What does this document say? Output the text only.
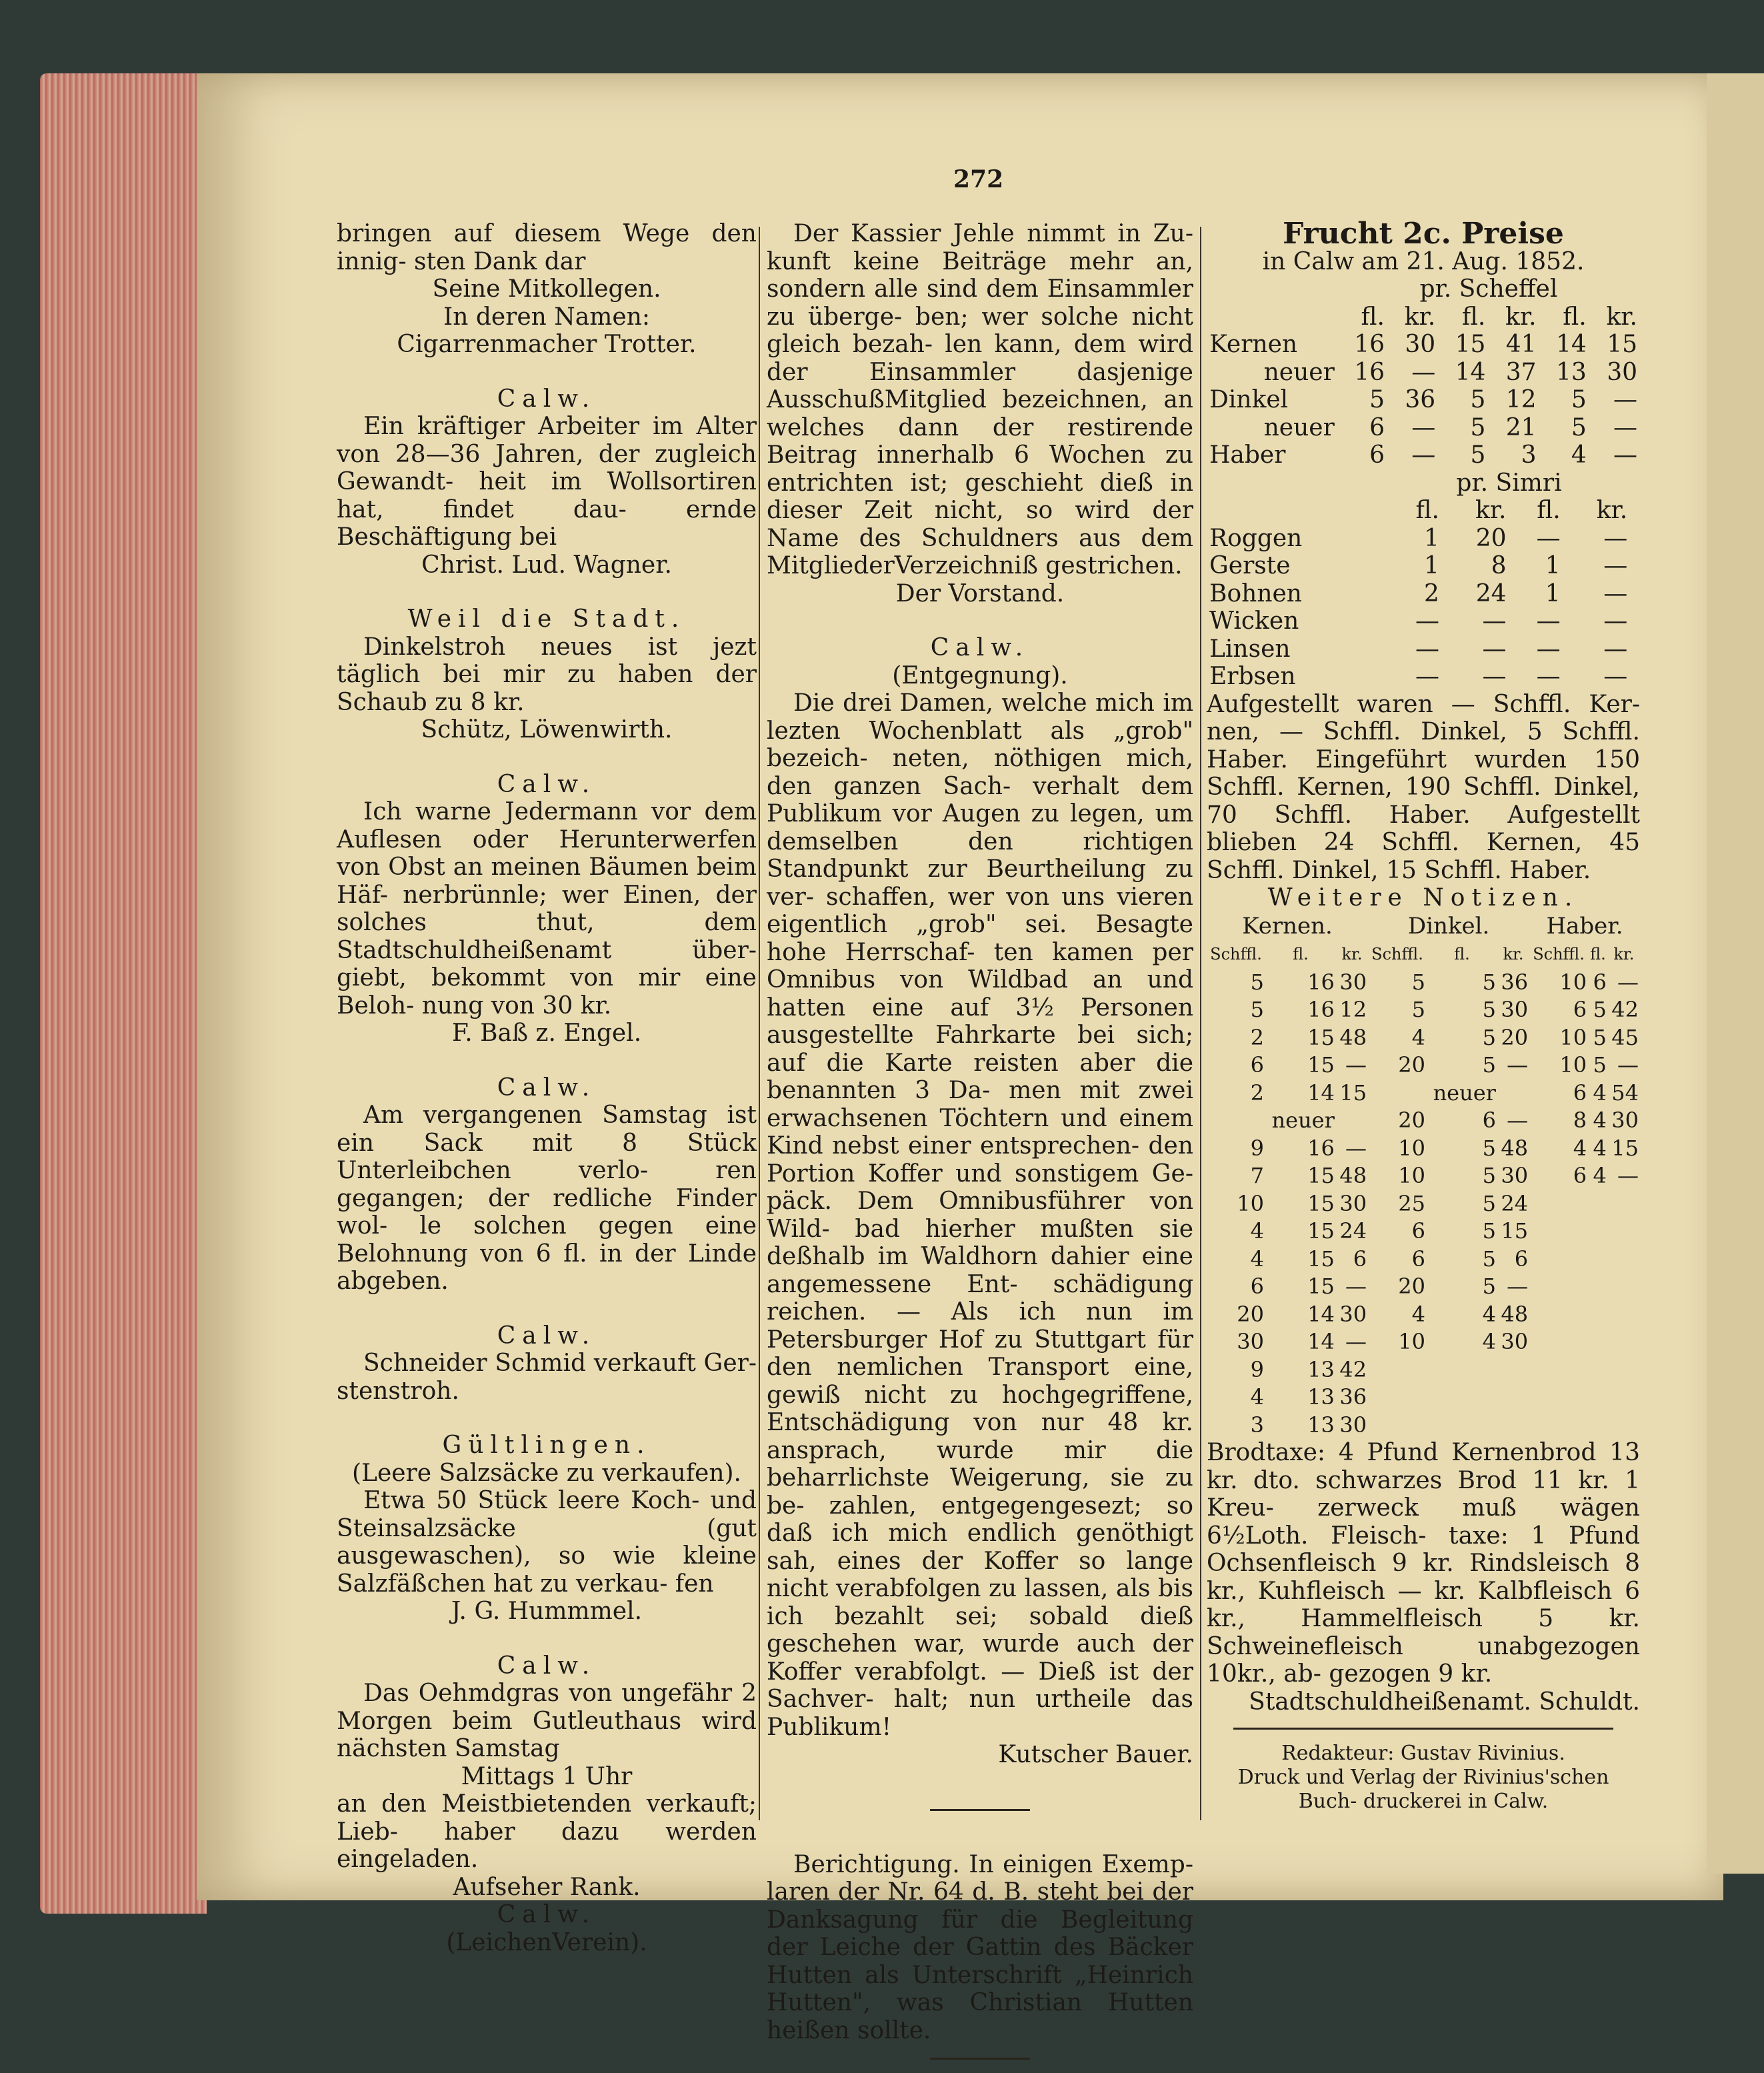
272

bringen auf diesem Wege den innig- sten Dank dar

Seine Mitkollegen.

In deren Namen:

Cigarrenmacher Trotter.

Calw.

Ein kräftiger Arbeiter im Alter von 28—36 Jahren, der zugleich Gewandt- heit im Wollsortiren hat, findet dau- ernde Beschäftigung bei

Christ. Lud. Wagner.

Weil die Stadt.

Dinkelstroh neues ist jezt täglich bei mir zu haben der Schaub zu 8 kr.

Schütz, Löwenwirth.

Calw.

Ich warne Jedermann vor dem Auflesen oder Herunterwerfen von Obst an meinen Bäumen beim Häf- nerbrünnle; wer Einen, der solches thut, dem Stadtschuldheißenamt über- giebt, bekommt von mir eine Beloh- nung von 30 kr.

F. Baß z. Engel.

Calw.

Am vergangenen Samstag ist ein Sack mit 8 Stück Unterleibchen verlo- ren gegangen; der redliche Finder wol- le solchen gegen eine Belohnung von 6 fl. in der Linde abgeben.

Calw.

Schneider Schmid verkauft Ger- stenstroh.

Gültlingen.

(Leere Salzsäcke zu verkaufen).

Etwa 50 Stück leere Koch- und Steinsalzsäcke (gut ausgewaschen), so wie kleine Salzfäßchen hat zu verkau- fen

J. G. Hummmel.

Calw.

Das Oehmdgras von ungefähr 2 Morgen beim Gutleuthaus wird nächsten Samstag

Mittags 1 Uhr

an den Meistbietenden verkauft; Lieb- haber dazu werden eingeladen.

Aufseher Rank.

Calw.

(LeichenVerein).

Der Kassier Jehle nimmt in Zu- kunft keine Beiträge mehr an, sondern alle sind dem Einsammler zu überge- ben; wer solche nicht gleich bezah- len kann, dem wird der Einsammler dasjenige AusschußMitglied bezeichnen, an welches dann der restirende Beitrag innerhalb 6 Wochen zu entrichten ist; geschieht dieß in dieser Zeit nicht, so wird der Name des Schuldners aus dem MitgliederVerzeichniß gestrichen.

Der Vorstand.

Calw.

(Entgegnung).

Die drei Damen, welche mich im lezten Wochenblatt als „grob" bezeich- neten, nöthigen mich, den ganzen Sach- verhalt dem Publikum vor Augen zu legen, um demselben den richtigen Standpunkt zur Beurtheilung zu ver- schaffen, wer von uns vieren eigentlich „grob" sei. Besagte hohe Herrschaf- ten kamen per Omnibus von Wildbad an und hatten eine auf 3½ Personen ausgestellte Fahrkarte bei sich; auf die Karte reisten aber die benannten 3 Da- men mit zwei erwachsenen Töchtern und einem Kind nebst einer entsprechen- den Portion Koffer und sonstigem Ge- päck. Dem Omnibusführer von Wild- bad hierher mußten sie deßhalb im Waldhorn dahier eine angemessene Ent- schädigung reichen. — Als ich nun im Petersburger Hof zu Stuttgart für den nemlichen Transport eine, gewiß nicht zu hochgegriffene, Entschädigung von nur 48 kr. ansprach, wurde mir die beharrlichste Weigerung, sie zu be- zahlen, entgegengesezt; so daß ich mich endlich genöthigt sah, eines der Koffer so lange nicht verabfolgen zu lassen, als bis ich bezahlt sei; sobald dieß geschehen war, wurde auch der Koffer verabfolgt. — Dieß ist der Sachver- halt; nun urtheile das Publikum!

Kutscher Bauer.

Berichtigung. In einigen Exemp- laren der Nr. 64 d. B. steht bei der Danksagung für die Begleitung der Leiche der Gattin des Bäcker Hutten als Unterschrift „Heinrich Hutten", was Christian Hutten heißen sollte.

Frucht 2c. Preise

in Calw am 21. Aug. 1852.

	pr. Scheffel					
	fl.	kr.	fl.	kr.	fl.	kr.
Kernen	16	30	15	41	14	15
neuer	16	—	14	37	13	30
Dinkel	5	36	5	12	5	—
neuer	6	—	5	21	5	—
Haber	6	—	5	3	4	—
	pr. Simri				
	fl.	kr.	fl.	kr.	
Roggen	1	20	—	—	
Gerste	1	8	1	—	
Bohnen	2	24	1	—	
Wicken	—	—	—	—	
Linsen	—	—	—	—	
Erbsen	—	—	—	—	

Aufgestellt waren — Schffl. Ker- nen, — Schffl. Dinkel, 5 Schffl. Haber. Eingeführt wurden 150 Schffl. Kernen, 190 Schffl. Dinkel, 70 Schffl. Haber. Aufgestellt blieben 24 Schffl. Kernen, 45 Schffl. Dinkel, 15 Schffl. Haber.

Weitere Notizen.

Kernen.			Dinkel.			Haber.		
Schffl.	fl.	kr.	Schffl.	fl.	kr.	Schffl.	fl.	kr.
5	16	30	5	5	36	10	6	—
5	16	12	5	5	30	6	5	42
2	15	48	4	5	20	10	5	45
6	15	—	20	5	—	10	5	—
2	14	15		neuer		6	4	54
	neuer		20	6	—	8	4	30
9	16	—	10	5	48	4	4	15
7	15	48	10	5	30	6	4	—
10	15	30	25	5	24			
4	15	24	6	5	15			
4	15	6	6	5	6			
6	15	—	20	5	—			
20	14	30	4	4	48			
30	14	—	10	4	30			
9	13	42						
4	13	36						
3	13	30						

Brodtaxe: 4 Pfund Kernenbrod 13 kr. dto. schwarzes Brod 11 kr. 1 Kreu- zerweck muß wägen 6½Loth. Fleisch- taxe: 1 Pfund Ochsenfleisch 9 kr. Rindsleisch 8 kr., Kuhfleisch — kr. Kalbfleisch 6 kr., Hammelfleisch 5 kr. Schweinefleisch unabgezogen 10kr., ab- gezogen 9 kr.

Stadtschuldheißenamt. Schuldt.

Redakteur: Gustav Rivinius.

Druck und Verlag der Rivinius'schen Buch- druckerei in Calw.
